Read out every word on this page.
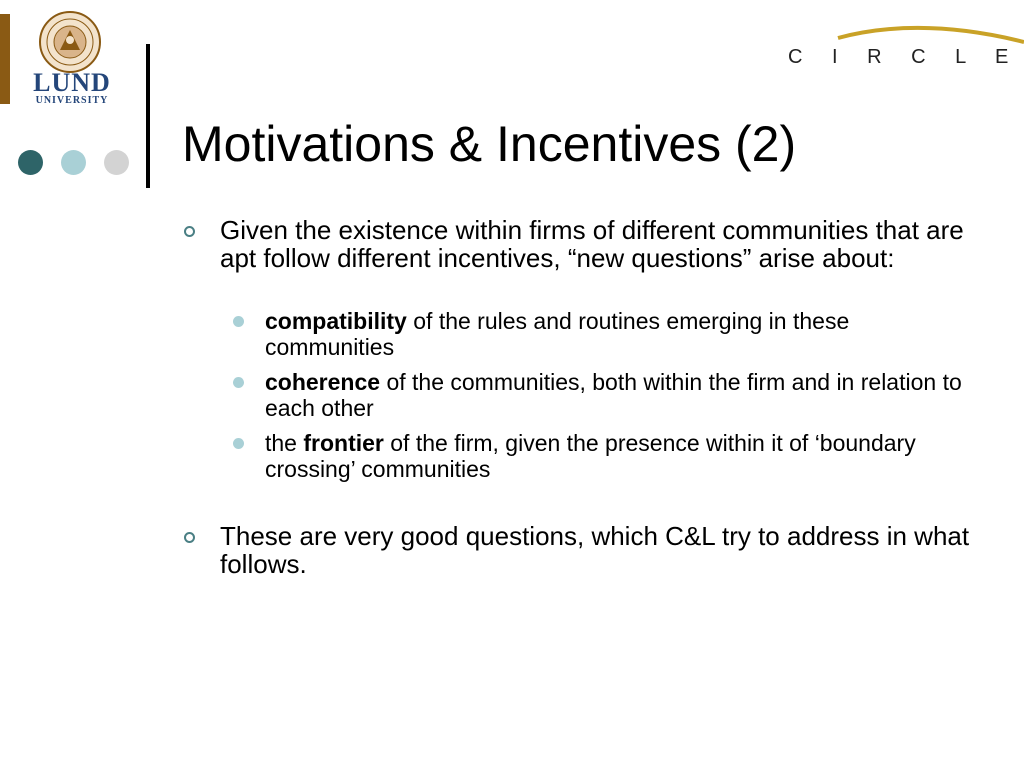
LUND
UNIVERSITY
C I R C L E
Motivations & Incentives (2)
Given the existence within firms of different communities that are apt follow different incentives, “new questions” arise about:
compatibility of the rules and routines emerging in these communities
coherence of the communities, both within the firm and in relation to each other
the frontier of the firm, given the presence within it of ‘boundary crossing’ communities
These are very good questions, which C&L try to address in what follows.
